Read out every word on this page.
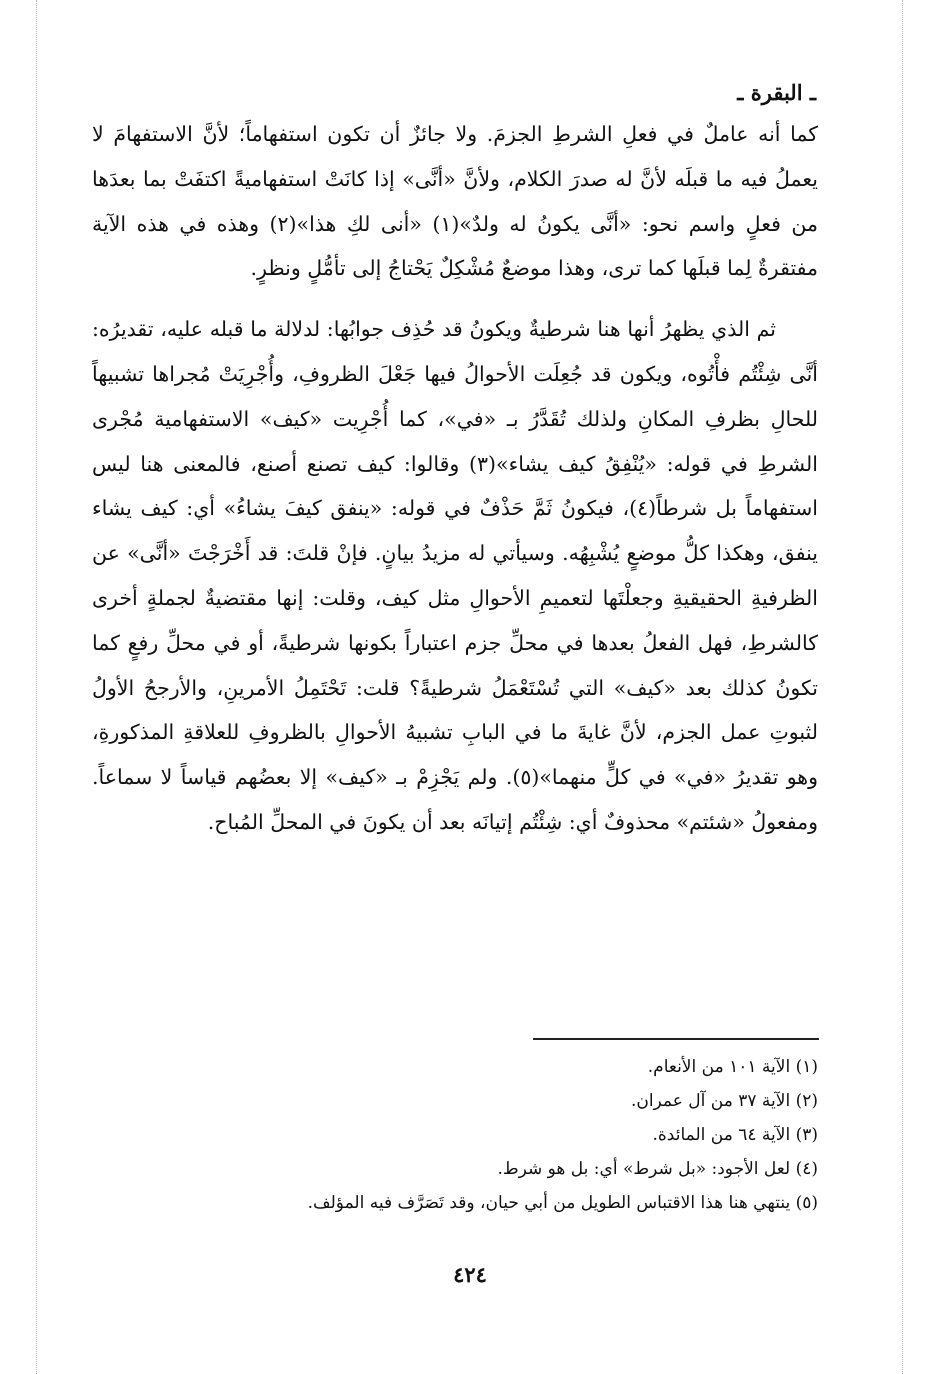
ـ البقرة ـ

كما أنه عاملٌ في فعلِ الشرطِ الجزمَ. ولا جائزٌ أن تكون استفهاماً؛ لأنَّ الاستفهامَ لا يعملُ فيه ما قبلَه لأنَّ له صدرَ الكلام، ولأنَّ «أنَّى» إذا كانَتْ استفهاميةً اكتفَتْ بما بعدَها من فعلٍ واسم نحو: «أنَّى يكونُ له ولدٌ»(١) «أنى لكِ هذا»(٢) وهذه في هذه الآية مفتقرةٌ لِما قبلَها كما ترى، وهذا موضعٌ مُشْكِلٌ يَحْتاجُ إلى تأمُّلٍ ونظرٍ.

ثم الذي يظهرُ أنها هنا شرطيةٌ ويكونُ قد حُذِف جوابُها: لدلالة ما قبله عليه، تقديرُه: أنَّى شِئْتُم فأْتُوه، ويكون قد جُعِلَت الأحوالُ فيها جَعْلَ الظروفِ، وأُجْرِيَتْ مُجراها تشبيهاً للحالِ بظرفِ المكانِ ولذلك تُقَدَّرُ بـ «في»، كما أُجْرِيت «كيف» الاستفهامية مُجْرى الشرطِ في قوله: «يُنْفِقُ كيف يشاء»(٣) وقالوا: كيف تصنع أصنع، فالمعنى هنا ليس استفهاماً بل شرطاً(٤)، فيكونُ ثَمَّ حَذْفٌ في قوله: «ينفق كيفَ يشاءُ» أي: كيف يشاء ينفق، وهكذا كلُّ موضعٍ يُشْبِهُه. وسيأتي له مزيدُ بيانٍ. فإنْ قلتَ: قد أَخْرَجْتَ «أنَّى» عن الظرفيةِ الحقيقيةِ وجعلْتَها لتعميمِ الأحوالِ مثل كيف، وقلت: إنها مقتضيةٌ لجملةٍ أخرى كالشرطِ، فهل الفعلُ بعدها في محلِّ جزم اعتباراً بكونها شرطيةً، أو في محلِّ رفعٍ كما تكونُ كذلك بعد «كيف» التي تُسْتَعْمَلُ شرطيةً؟ قلت: تَحْتَمِلُ الأمرينِ، والأرجحُ الأولُ لثبوتِ عمل الجزم، لأنَّ غايةَ ما في البابِ تشبيهُ الأحوالِ بالظروفِ للعلاقةِ المذكورةِ، وهو تقديرُ «في» في كلٍّ منهما»(٥). ولم يَجْزِمْ بـ «كيف» إلا بعضُهم قياساً لا سماعاً. ومفعولُ «شئتم» محذوفٌ أي: شِئْتُم إتيانَه بعد أن يكونَ في المحلِّ المُباح.

(١) الآية ١٠١ من الأنعام.

(٢) الآية ٣٧ من آل عمران.

(٣) الآية ٦٤ من المائدة.

(٤) لعل الأجود: «بل شرط» أي: بل هو شرط.

(٥) ينتهي هنا هذا الاقتباس الطويل من أبي حيان، وقد تَصَرَّف فيه المؤلف.

٤٢٤
